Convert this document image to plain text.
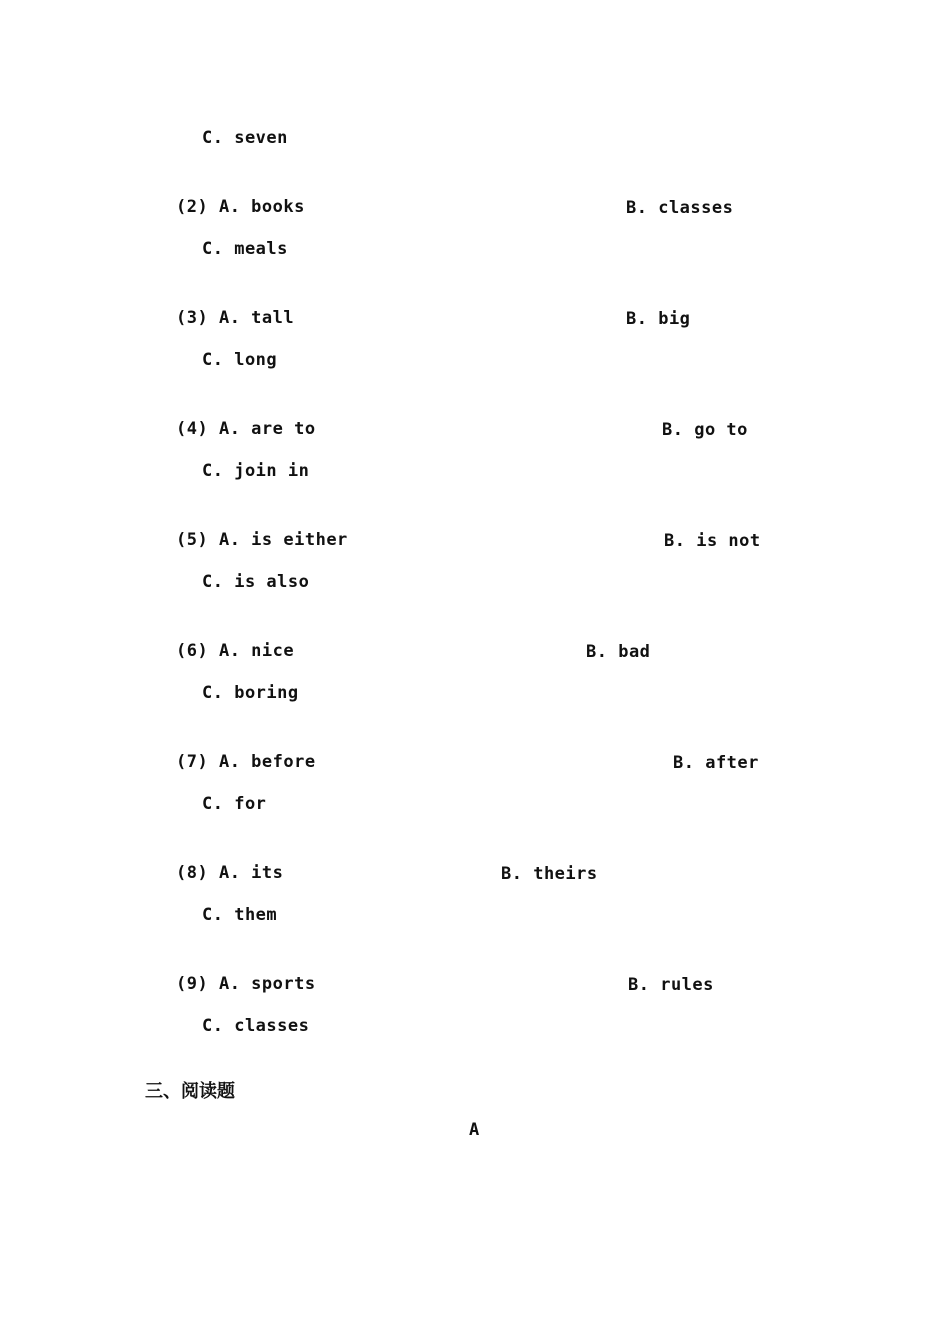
C. seven
(2) A. books	B. classes
C. meals
(3) A. tall	B. big
C. long
(4) A. are to	B. go to
C. join in
(5) A. is either	B. is not
C. is also
(6) A. nice	B. bad
C. boring
(7) A. before	B. after
C. for
(8) A. its	B. theirs
C. them
(9) A. sports	B. rules
C. classes
三、阅读题
A
